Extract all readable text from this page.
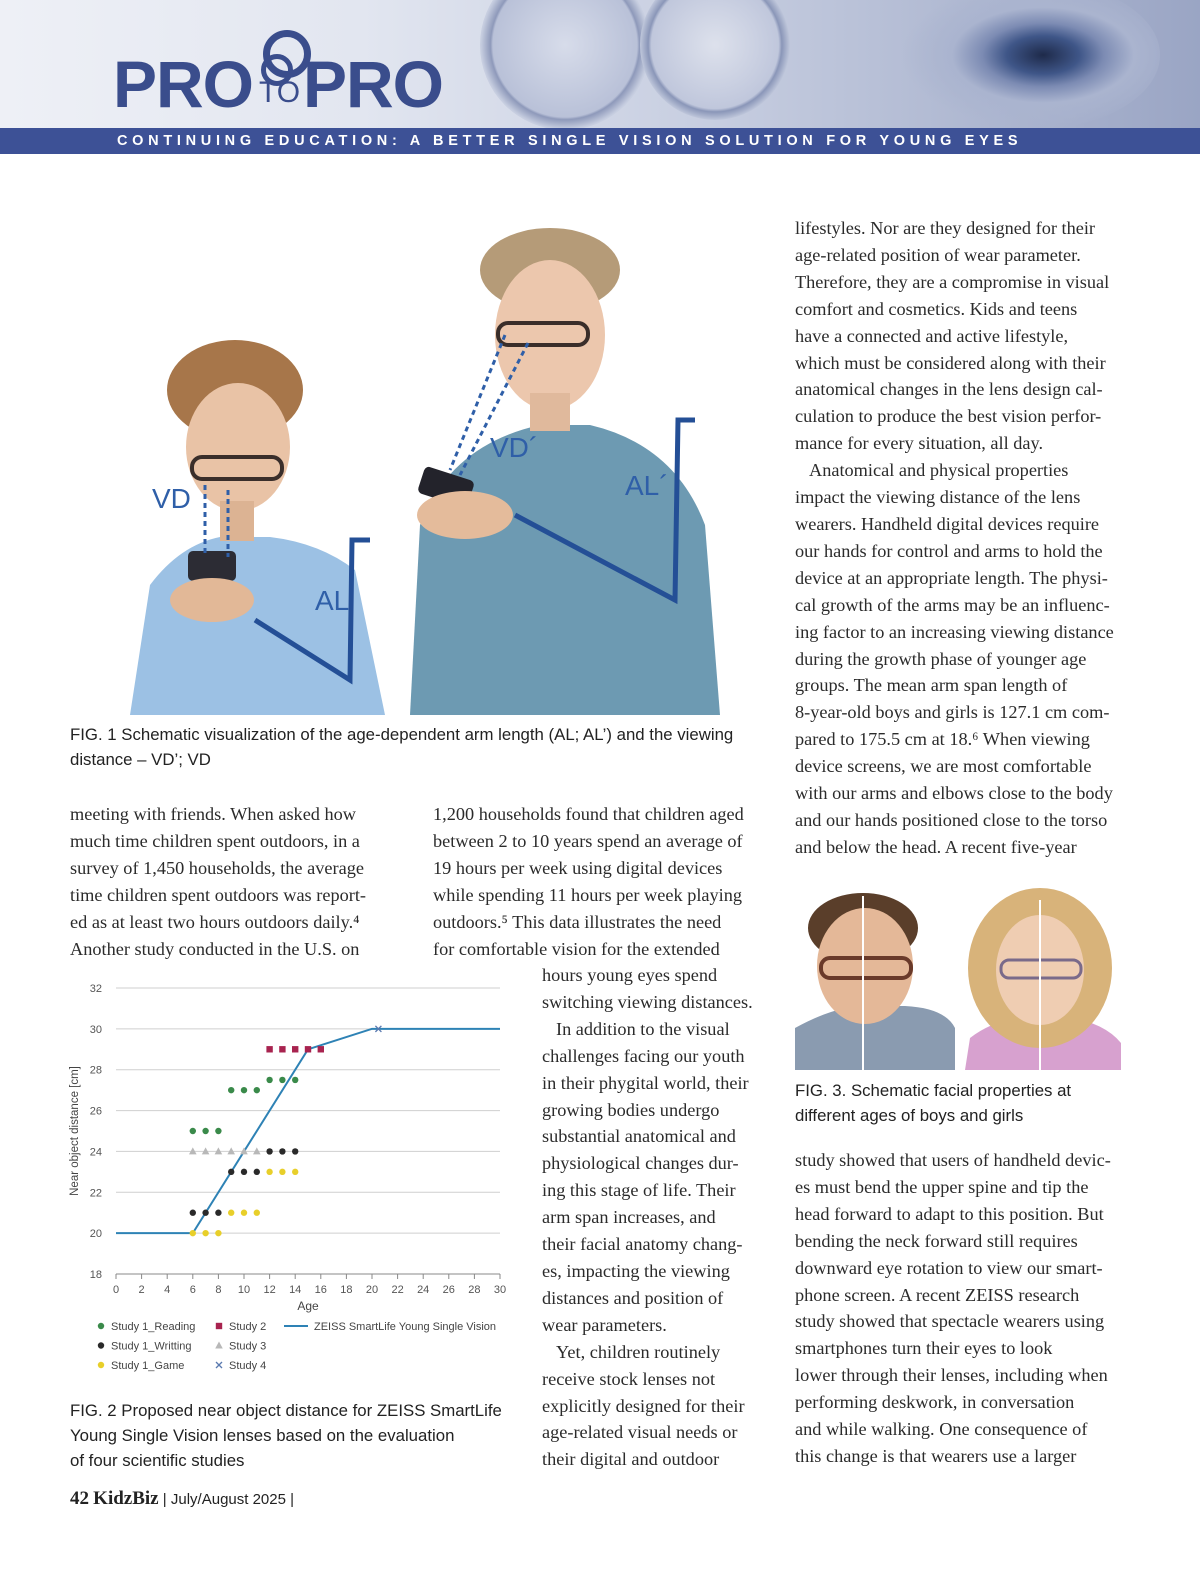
PRO TO PRO
CONTINUING EDUCATION: A BETTER SINGLE VISION SOLUTION FOR YOUNG EYES
VD
AL
VD´
AL´
FIG. 1 Schematic visualization of the age-dependent arm length (AL; AL’) and the viewing
distance – VD’; VD

meeting with friends. When asked how

much time children spent outdoors, in a

survey of 1,450 households, the average

time children spent outdoors was report-

ed as at least two hours outdoors daily.⁴

Another study conducted in the U.S. on

1,200 households found that children aged

between 2 to 10 years spend an average of

19 hours per week using digital devices

while spending 11 hours per week playing

outdoors.⁵ This data illustrates the need

for comfortable vision for the extended

hours young eyes spend

switching viewing distances.

In addition to the visual

challenges facing our youth

in their phygital world, their

growing bodies undergo

substantial anatomical and

physiological changes dur-

ing this stage of life. Their

arm span increases, and

their facial anatomy chang-

es, impacting the viewing

distances and position of

wear parameters.

Yet, children routinely

receive stock lenses not

explicitly designed for their

age-related visual needs or

their digital and outdoor

lifestyles. Nor are they designed for their

age-related position of wear parameter.

Therefore, they are a compromise in visual

comfort and cosmetics. Kids and teens

have a connected and active lifestyle,

which must be considered along with their

anatomical changes in the lens design cal-

culation to produce the best vision perfor-

mance for every situation, all day.

Anatomical and physical properties

impact the viewing distance of the lens

wearers. Handheld digital devices require

our hands for control and arms to hold the

device at an appropriate length. The physi-

cal growth of the arms may be an influenc-

ing factor to an increasing viewing distance

during the growth phase of younger age

groups. The mean arm span length of

8-year-old boys and girls is 127.1 cm com-

pared to 175.5 cm at 18.⁶ When viewing

device screens, we are most comfortable

with our arms and elbows close to the body

and our hands positioned close to the torso

and below the head. A recent five-year

FIG. 3. Schematic facial properties at
different ages of boys and girls

study showed that users of handheld devic-

es must bend the upper spine and tip the

head forward to adapt to this position. But

bending the neck forward still requires

downward eye rotation to view our smart-

phone screen. A recent ZEISS research

study showed that spectacle wearers using

smartphones turn their eyes to look

lower through their lenses, including when

performing deskwork, in conversation

and while walking. One consequence of

this change is that wearers use a larger

18
20
22
24
26
28
30
32
0 2 4 6 8 10 12 14 16 18 20 22 24 26 28 30
Age
Near object distance [cm]
Study 1_Reading
Study 1_Writting
Study 1_Game
Study 2
Study 3
Study 4
ZEISS SmartLife Young Single Vision
FIG. 2 Proposed near object distance for ZEISS SmartLife
Young Single Vision lenses based on the evaluation
of four scientific studies
42 KidzBiz | July/August 2025 |
